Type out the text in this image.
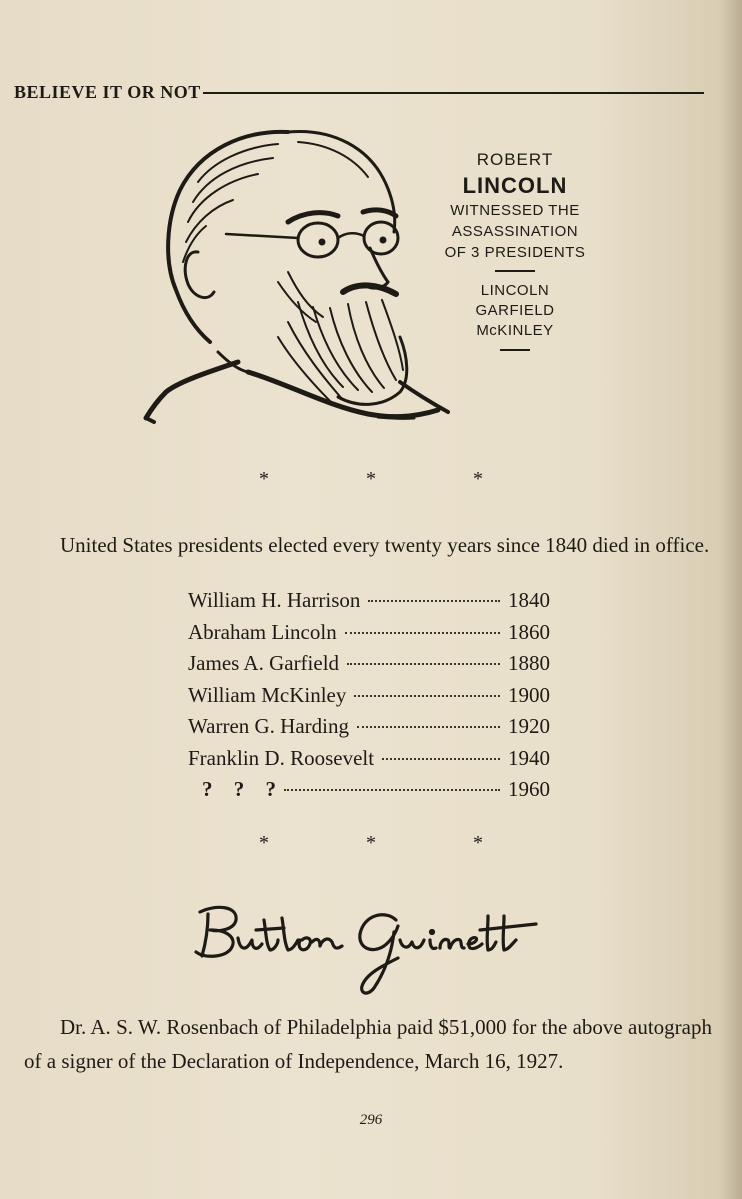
BELIEVE IT OR NOT
ROBERT
LINCOLN
WITNESSED THE
ASSASSINATION
OF 3 PRESIDENTS
LINCOLN
GARFIELD
McKINLEY
* * *
United States presidents elected every twenty years since 1840 died in office.
William H. Harrison	1840
Abraham Lincoln	1860
James A. Garfield	1880
William McKinley	1900
Warren G. Harding	1920
Franklin D. Roosevelt	1940
? ? ?	1960
* * *
Dr. A. S. W. Rosenbach of Philadelphia paid $51,000 for the above autograph of a signer of the Declaration of Independence, March 16, 1927.
296
